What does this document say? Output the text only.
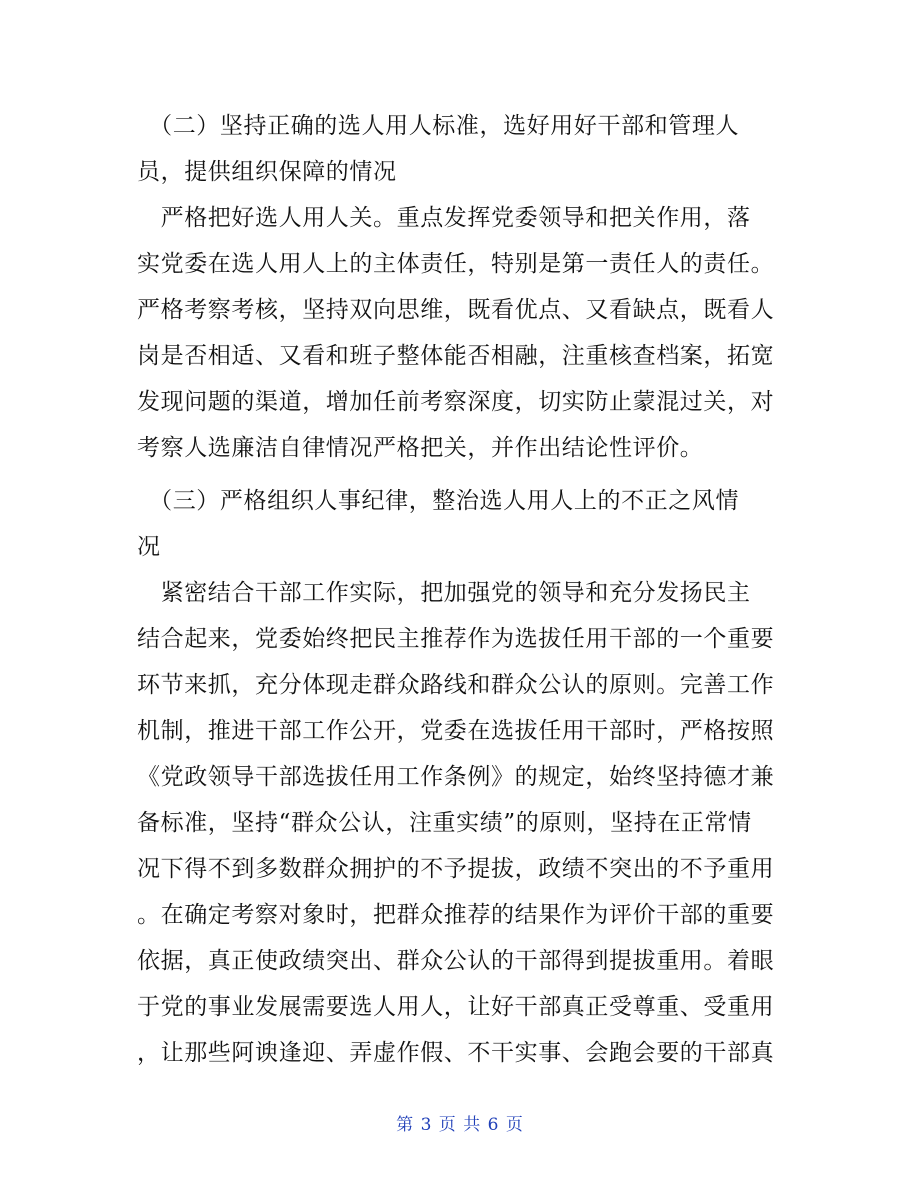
　（二）坚持正确的选人用人标准，选好用好干部和管理人
员，提供组织保障的情况
　严格把好选人用人关。重点发挥党委领导和把关作用，落
实党委在选人用人上的主体责任，特别是第一责任人的责任。
严格考察考核，坚持双向思维，既看优点、又看缺点，既看人
岗是否相适、又看和班子整体能否相融，注重核查档案，拓宽
发现问题的渠道，增加任前考察深度，切实防止蒙混过关，对
考察人选廉洁自律情况严格把关，并作出结论性评价。
　（三）严格组织人事纪律，整治选人用人上的不正之风情
况
　紧密结合干部工作实际，把加强党的领导和充分发扬民主
结合起来，党委始终把民主推荐作为选拔任用干部的一个重要
环节来抓，充分体现走群众路线和群众公认的原则。完善工作
机制，推进干部工作公开，党委在选拔任用干部时，严格按照
《党政领导干部选拔任用工作条例》的规定，始终坚持德才兼
备标准，坚持“群众公认，注重实绩”的原则，坚持在正常情
况下得不到多数群众拥护的不予提拔，政绩不突出的不予重用
。在确定考察对象时，把群众推荐的结果作为评价干部的重要
依据，真正使政绩突出、群众公认的干部得到提拔重用。着眼
于党的事业发展需要选人用人，让好干部真正受尊重、受重用
，让那些阿谀逢迎、弄虚作假、不干实事、会跑会要的干部真
第 3 页 共 6 页
